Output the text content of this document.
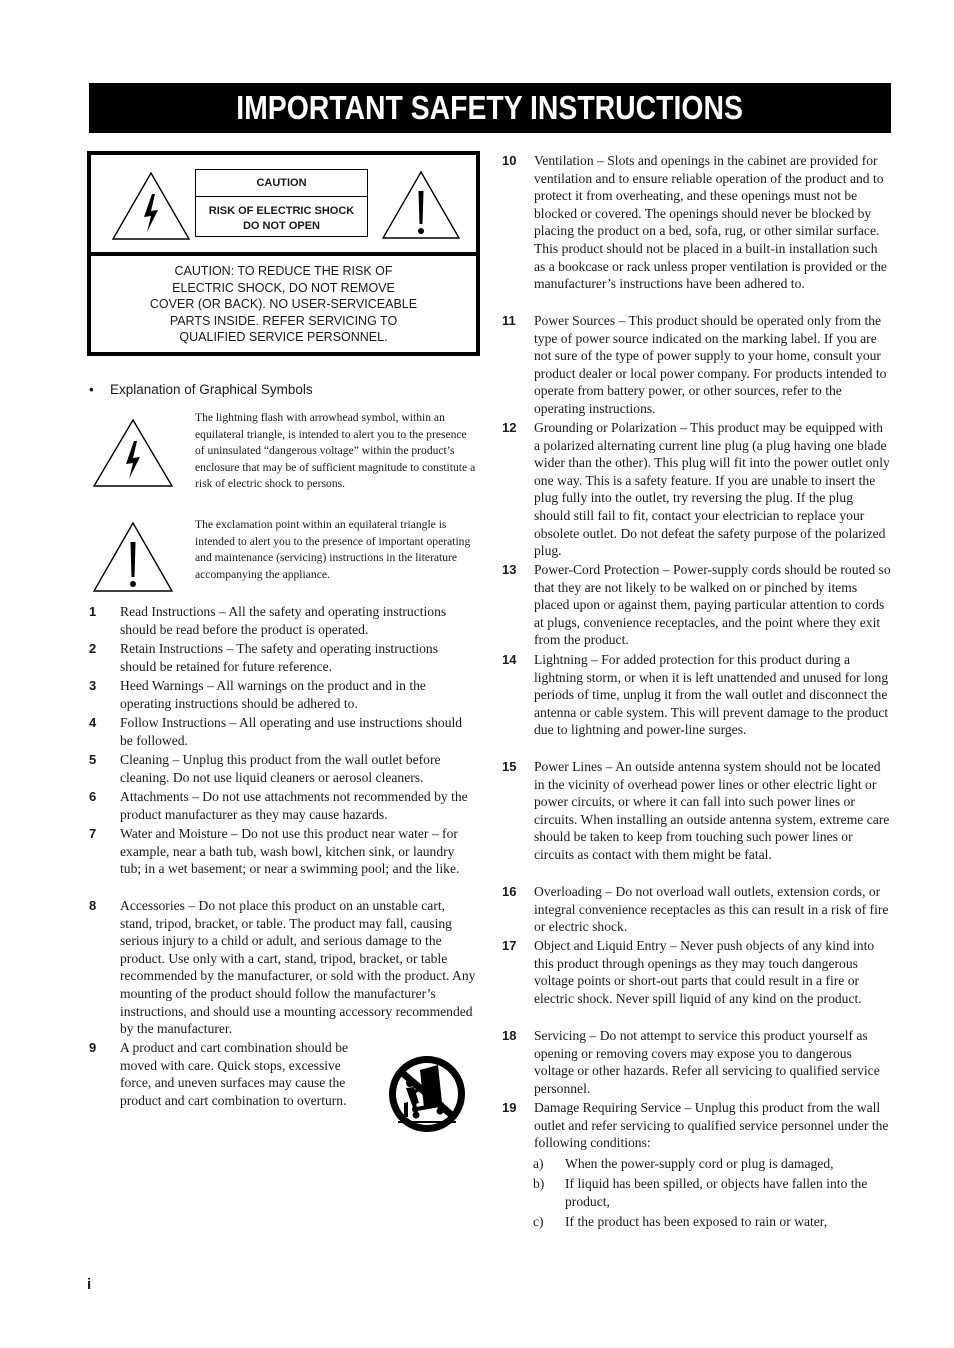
IMPORTANT SAFETY INSTRUCTIONS
CAUTION
RISK OF ELECTRIC SHOCK
DO NOT OPEN
CAUTION: TO REDUCE THE RISK OF
ELECTRIC SHOCK, DO NOT REMOVE
COVER (OR BACK). NO USER-SERVICEABLE
PARTS INSIDE. REFER SERVICING TO
QUALIFIED SERVICE PERSONNEL.
• Explanation of Graphical Symbols
The lightning flash with arrowhead symbol, within an equilateral triangle, is intended to alert you to the presence of uninsulated “dangerous voltage” within the product’s enclosure that may be of sufficient magnitude to constitute a risk of electric shock to persons.
The exclamation point within an equilateral triangle is intended to alert you to the presence of important operating and maintenance (servicing) instructions in the literature accompanying the appliance.
1 Read Instructions – All the safety and operating instructions should be read before the product is operated.
2 Retain Instructions – The safety and operating instructions should be retained for future reference.
3 Heed Warnings – All warnings on the product and in the operating instructions should be adhered to.
4 Follow Instructions – All operating and use instructions should be followed.
5 Cleaning – Unplug this product from the wall outlet before cleaning. Do not use liquid cleaners or aerosol cleaners.
6 Attachments – Do not use attachments not recommended by the product manufacturer as they may cause hazards.
7 Water and Moisture – Do not use this product near water – for example, near a bath tub, wash bowl, kitchen sink, or laundry tub; in a wet basement; or near a swimming pool; and the like.
8 Accessories – Do not place this product on an unstable cart, stand, tripod, bracket, or table. The product may fall, causing serious injury to a child or adult, and serious damage to the product. Use only with a cart, stand, tripod, bracket, or table recommended by the manufacturer, or sold with the product. Any mounting of the product should follow the manufacturer’s instructions, and should use a mounting accessory recommended by the manufacturer.
9 A product and cart combination should be moved with care. Quick stops, excessive force, and uneven surfaces may cause the product and cart combination to overturn.
10 Ventilation – Slots and openings in the cabinet are provided for ventilation and to ensure reliable operation of the product and to protect it from overheating, and these openings must not be blocked or covered. The openings should never be blocked by placing the product on a bed, sofa, rug, or other similar surface. This product should not be placed in a built-in installation such as a bookcase or rack unless proper ventilation is provided or the manufacturer’s instructions have been adhered to.
11 Power Sources – This product should be operated only from the type of power source indicated on the marking label. If you are not sure of the type of power supply to your home, consult your product dealer or local power company. For products intended to operate from battery power, or other sources, refer to the operating instructions.
12 Grounding or Polarization – This product may be equipped with a polarized alternating current line plug (a plug having one blade wider than the other). This plug will fit into the power outlet only one way. This is a safety feature. If you are unable to insert the plug fully into the outlet, try reversing the plug. If the plug should still fail to fit, contact your electrician to replace your obsolete outlet. Do not defeat the safety purpose of the polarized plug.
13 Power-Cord Protection – Power-supply cords should be routed so that they are not likely to be walked on or pinched by items placed upon or against them, paying particular attention to cords at plugs, convenience receptacles, and the point where they exit from the product.
14 Lightning – For added protection for this product during a lightning storm, or when it is left unattended and unused for long periods of time, unplug it from the wall outlet and disconnect the antenna or cable system. This will prevent damage to the product due to lightning and power-line surges.
15 Power Lines – An outside antenna system should not be located in the vicinity of overhead power lines or other electric light or power circuits, or where it can fall into such power lines or circuits. When installing an outside antenna system, extreme care should be taken to keep from touching such power lines or circuits as contact with them might be fatal.
16 Overloading – Do not overload wall outlets, extension cords, or integral convenience receptacles as this can result in a risk of fire or electric shock.
17 Object and Liquid Entry – Never push objects of any kind into this product through openings as they may touch dangerous voltage points or short-out parts that could result in a fire or electric shock. Never spill liquid of any kind on the product.
18 Servicing – Do not attempt to service this product yourself as opening or removing covers may expose you to dangerous voltage or other hazards. Refer all servicing to qualified service personnel.
19 Damage Requiring Service – Unplug this product from the wall outlet and refer servicing to qualified service personnel under the following conditions:
a) When the power-supply cord or plug is damaged,
b) If liquid has been spilled, or objects have fallen into the product,
c) If the product has been exposed to rain or water,
i
